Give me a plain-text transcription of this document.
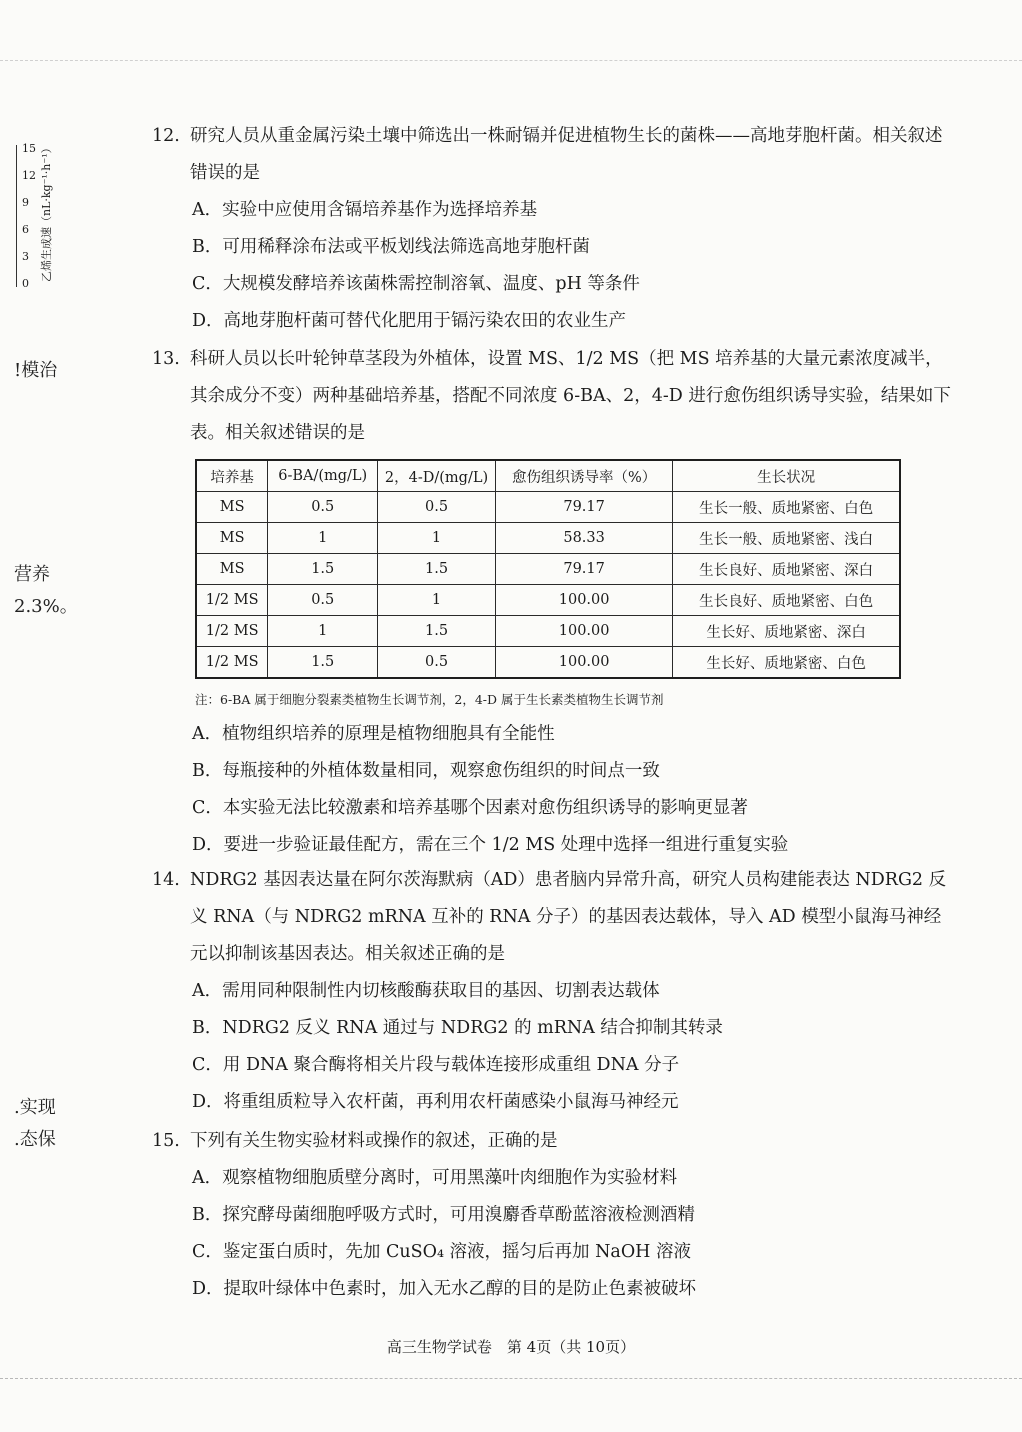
15
12
9
6
3
0
乙烯生成速（nL·kg⁻¹·h⁻¹）
!模治
营养
2.3%。
.实现
.态保
12. 研究人员从重金属污染土壤中筛选出一株耐镉并促进植物生长的菌株——高地芽胞杆菌。相关叙述错误的是
A．实验中应使用含镉培养基作为选择培养基
B．可用稀释涂布法或平板划线法筛选高地芽胞杆菌
C．大规模发酵培养该菌株需控制溶氧、温度、pH 等条件
D．高地芽胞杆菌可替代化肥用于镉污染农田的农业生产
13. 科研人员以长叶轮钟草茎段为外植体，设置 MS、1/2 MS（把 MS 培养基的大量元素浓度减半，其余成分不变）两种基础培养基，搭配不同浓度 6-BA、2，4-D 进行愈伤组织诱导实验，结果如下表。相关叙述错误的是
培养基	6-BA/(mg/L)	2，4-D/(mg/L)	愈伤组织诱导率（%）	生长状况
MS	0.5	0.5	79.17	生长一般、质地紧密、白色
MS	1	1	58.33	生长一般、质地紧密、浅白
MS	1.5	1.5	79.17	生长良好、质地紧密、深白
1/2 MS	0.5	1	100.00	生长良好、质地紧密、白色
1/2 MS	1	1.5	100.00	生长好、质地紧密、深白
1/2 MS	1.5	0.5	100.00	生长好、质地紧密、白色
注：6-BA 属于细胞分裂素类植物生长调节剂，2，4-D 属于生长素类植物生长调节剂
A．植物组织培养的原理是植物细胞具有全能性
B．每瓶接种的外植体数量相同，观察愈伤组织的时间点一致
C．本实验无法比较激素和培养基哪个因素对愈伤组织诱导的影响更显著
D．要进一步验证最佳配方，需在三个 1/2 MS 处理中选择一组进行重复实验
14. NDRG2 基因表达量在阿尔茨海默病（AD）患者脑内异常升高，研究人员构建能表达 NDRG2 反义 RNA（与 NDRG2 mRNA 互补的 RNA 分子）的基因表达载体，导入 AD 模型小鼠海马神经元以抑制该基因表达。相关叙述正确的是
A．需用同种限制性内切核酸酶获取目的基因、切割表达载体
B．NDRG2 反义 RNA 通过与 NDRG2 的 mRNA 结合抑制其转录
C．用 DNA 聚合酶将相关片段与载体连接形成重组 DNA 分子
D．将重组质粒导入农杆菌，再利用农杆菌感染小鼠海马神经元
15. 下列有关生物实验材料或操作的叙述，正确的是
A．观察植物细胞质壁分离时，可用黑藻叶肉细胞作为实验材料
B．探究酵母菌细胞呼吸方式时，可用溴麝香草酚蓝溶液检测酒精
C．鉴定蛋白质时，先加 CuSO₄ 溶液，摇匀后再加 NaOH 溶液
D．提取叶绿体中色素时，加入无水乙醇的目的是防止色素被破坏
高三生物学试卷　第 4页（共 10页）
